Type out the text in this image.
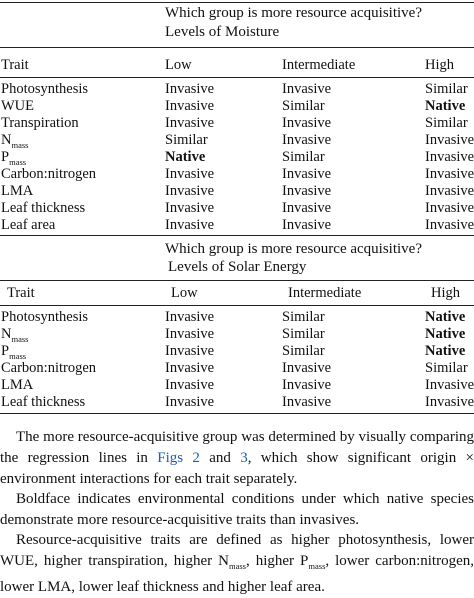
Which group is more resource acquisitive?
Levels of Moisture
Trait	Low	Intermediate	High
Photosynthesis	Invasive	Invasive	Similar
WUE	Invasive	Similar	Native
Transpiration	Invasive	Invasive	Similar
$N_{mass}$	Similar	Invasive	Invasive
$P_{mass}$	Native	Similar	Invasive
Carbon:nitrogen	Invasive	Invasive	Invasive
LMA	Invasive	Invasive	Invasive
Leaf thickness	Invasive	Invasive	Invasive
Leaf area	Invasive	Invasive	Invasive
Which group is more resource acquisitive?
Levels of Solar Energy
Trait	Low	Intermediate	High
Photosynthesis	Invasive	Similar	Native
$N_{mass}$	Invasive	Similar	Native
$P_{mass}$	Invasive	Similar	Native
Carbon:nitrogen	Invasive	Invasive	Similar
LMA	Invasive	Invasive	Invasive
Leaf thickness	Invasive	Invasive	Invasive
The more resource-acquisitive group was determined by visually comparing the regression lines in Figs 2 and 3, which show significant origin × environment interactions for each trait separately.
Boldface indicates environmental conditions under which native species demonstrate more resource-acquisitive traits than invasives.
Resource-acquisitive traits are defined as higher photosynthesis, lower WUE, higher transpiration, higher $N_{mass}$, higher $P_{mass}$, lower carbon:nitrogen, lower LMA, lower leaf thickness and higher leaf area.
